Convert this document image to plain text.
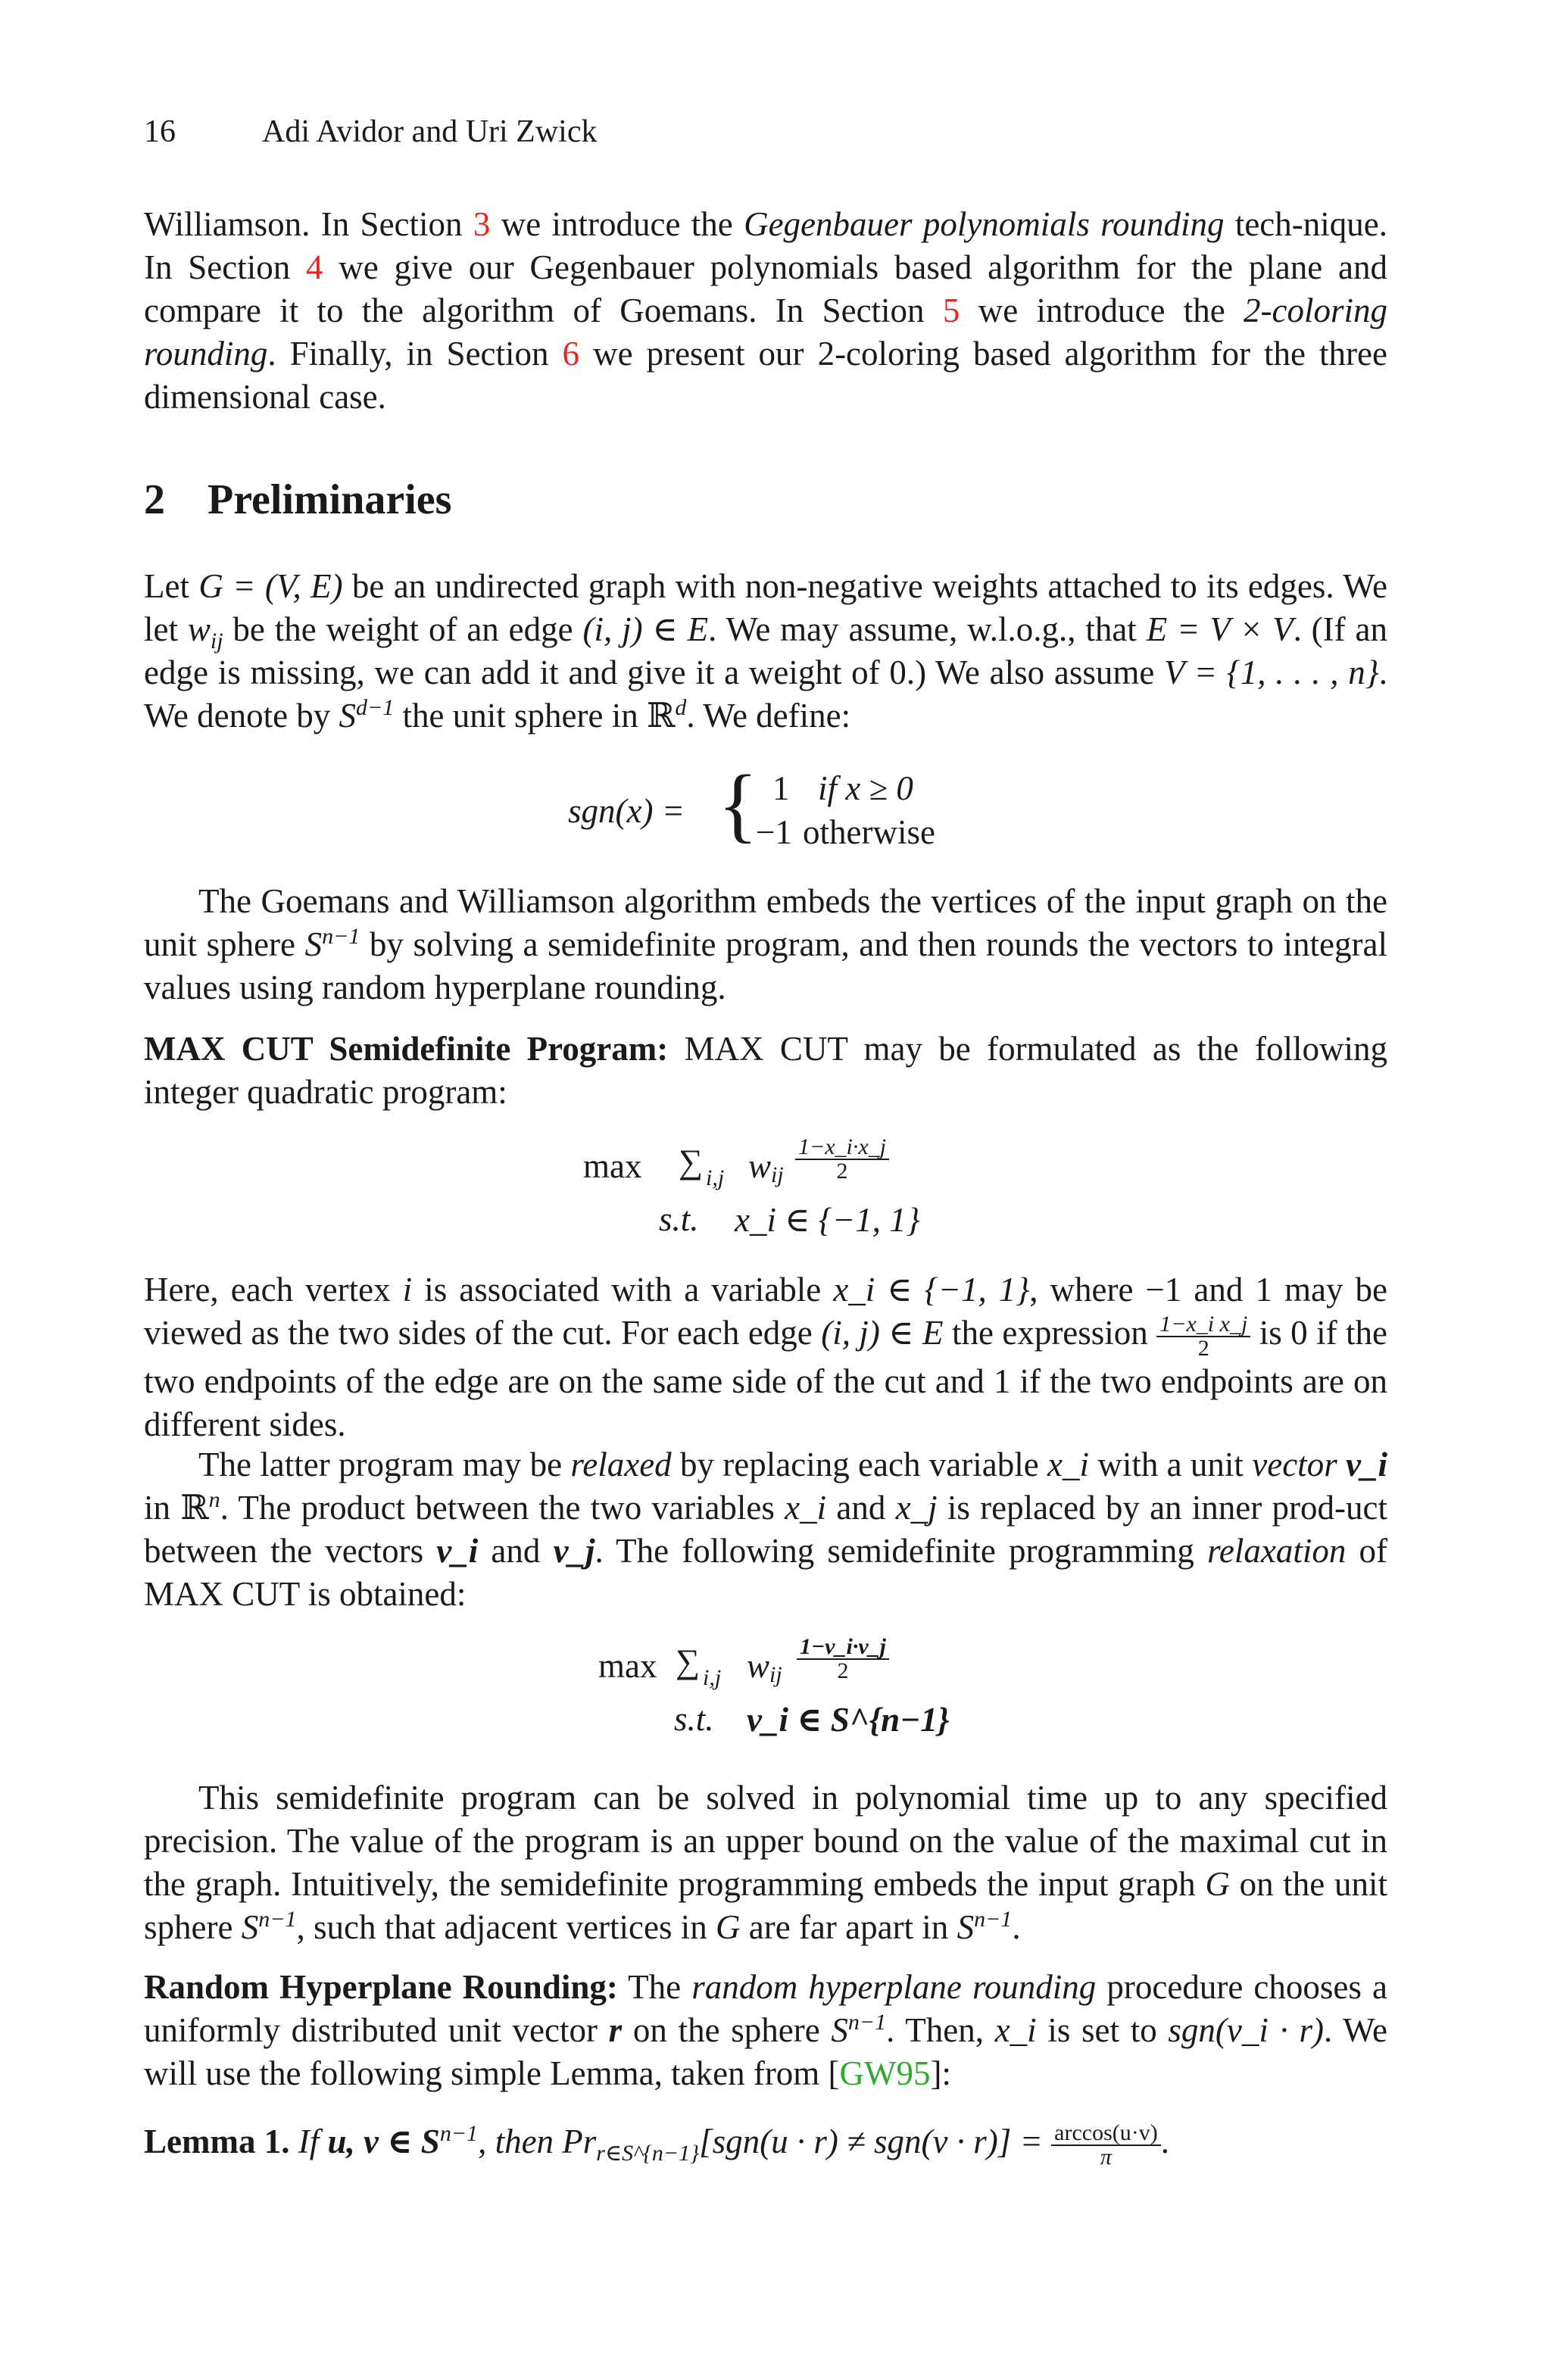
16	Adi Avidor and Uri Zwick
Williamson. In Section 3 we introduce the Gegenbauer polynomials rounding tech-nique. In Section 4 we give our Gegenbauer polynomials based algorithm for the plane and compare it to the algorithm of Goemans. In Section 5 we introduce the 2-coloring rounding. Finally, in Section 6 we present our 2-coloring based algorithm for the three dimensional case.
2 Preliminaries
Let G = (V, E) be an undirected graph with non-negative weights attached to its edges. We let $w_{ij}$ be the weight of an edge (i, j) ∈ E. We may assume, w.l.o.g., that E = V × V. (If an edge is missing, we can add it and give it a weight of 0.) We also assume V = {1, . . . , n}. We denote by $S^{d-1}$ the unit sphere in ℝ$^d$. We define:
sgn(x) = { 1 if x ≥ 0
−1 otherwise
The Goemans and Williamson algorithm embeds the vertices of the input graph on the unit sphere $S^{n-1}$ by solving a semidefinite program, and then rounds the vectors to integral values using random hyperplane rounding.
MAX CUT Semidefinite Program: MAX CUT may be formulated as the following integer quadratic program:
max ∑ i,j w ij $\frac{1-x\_i\cdot x\_j}{2}$
s.t. x_i ∈ {−1, 1}
Here, each vertex i is associated with a variable x_i ∈ {−1, 1}, where −1 and 1 may be viewed as the two sides of the cut. For each edge (i, j) ∈ E the expression $\frac{\text{1−x\_i x\_j}}{2}$ is 0 if the two endpoints of the edge are on the same side of the cut and 1 if the two endpoints are on different sides.
The latter program may be relaxed by replacing each variable x_i with a unit vector v_i in ℝ$^n$. The product between the two variables x_i and x_j is replaced by an inner prod-uct between the vectors v_i and v_j. The following semidefinite programming relaxation of MAX CUT is obtained:
max ∑ i,j w ij $\frac{1-v\_i\cdot v\_j}{2}$
s.t. v_i ∈ S^{n−1}
This semidefinite program can be solved in polynomial time up to any specified precision. The value of the program is an upper bound on the value of the maximal cut in the graph. Intuitively, the semidefinite programming embeds the input graph G on the unit sphere $S^{n-1}$, such that adjacent vertices in G are far apart in $S^{n-1}$.
Random Hyperplane Rounding: The random hyperplane rounding procedure chooses a uniformly distributed unit vector r on the sphere $S^{n-1}$. Then, x_i is set to sgn(v_i · r). We will use the following simple Lemma, taken from [GW95]:
Lemma 1. If u, v ∈ $S^{n-1}$, then $Pr_{r\in S\^{}\{n-1\}}[sgn(u \cdot r) \ne sgn(v \cdot r)] = \frac{\arccos(u\cdot v)}{\pi}$ .
